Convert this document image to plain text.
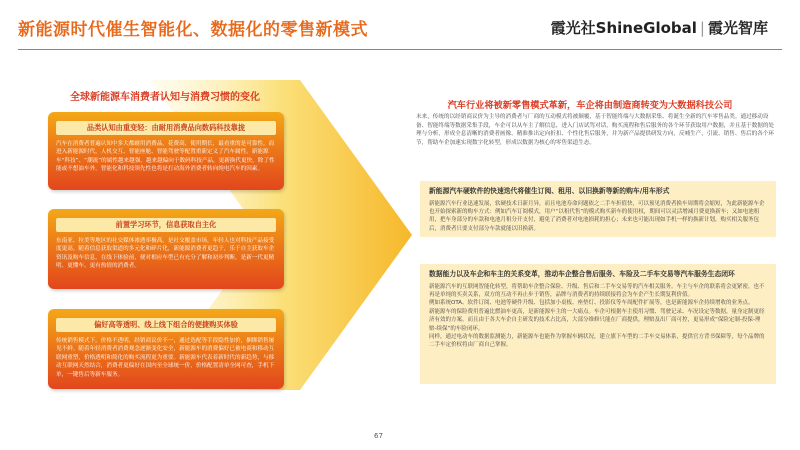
新能源时代催生智能化、数据化的零售新模式	霞光社ShineGlobal | 霞光智库
全球新能源车消费者认知与消费习惯的变化
品类认知由重变轻：由耐用消费品向数码科技靠拢
汽车在消费者普遍认知中多大都耐用消费品，花费高，使用期长，最看重的是可靠性。而进入新能源时代，人机交互、智能座舱、智能驾驶等配置重新定义了汽车属性。新能源车“科技”、“潮流”的属性越来越强，越来越偏向于数码科技产品，更新换代更快，除了性能或不想油车外，智能化和科技领先性也将是打动海外消费者转向纯电汽车的因素。
前置学习环节，信息获取自主化
东南亚、拉美等地区的社交媒体渗透率极高，是社交覆盖市场，年轻人也对科技产品接受度更高。随着信息获取渠道的多元化和碎片化，新能源消费者更趋于，乐于自主获取车企资讯及购车信息，在线下体验前，便对相应车型已有充分了解和初步判断，是新一代更精明、更懂车、更有热情的消费者。
偏好高等透明、线上线下组合的便捷购买体验
传统销售模式下，价格不透明，经销商议价不一，通过选配等手段隐性加价，捆绑销售屡见不鲜。随着年轻消费者消费观念逐渐变化安全，新能源车的消费偏好已被电商和移动互联网重塑，价格透明和简化的购买流程更为重要。新能源车代表着新时代的新趋势，与移动互联网天然结合，消费者更偏好在国内至全球统一价，价格配置清单全网可查，手机下单，一键售后等新车服务。
汽车行业将被新零售模式革新，车企将由制造商转变为大数据科技公司
未来，传统的以经销商议价为主导的消费者与厂商的互动模式将被颠覆，基于智能终端与大数据采集、将诞生全新的汽车零售品类。通过移动设备、智能终端等数据采集手段，车企可以从车主了解信息，进入门店试驾对话，购买流程和售后服务的各个环节获取用户数据，并且基于数据的处理与分析，形成全息清晰的消费者画像，精准推出定向折扣、个性化售后服务，并为新产品提供研发方向，反哺生产，引流、销售、售后的各个环节，帮助车企加速实现数字化转型，形成以数据为核心的零售渠道生态。
新能源汽车硬软件的快速迭代将催生订阅、租用、以旧换新等新的购车/用车形式
新能源汽车行业迅速发展，软硬技术日新月异，而且电池寿命问题依之二手车折值快，可以预见消费者换车周期将会缩短，为此新能源车企也开始探索新的购车方式：例如汽车订阅模式，用户“以租代售”的模式购买新车的使用权，期间可以灵活增减月费更换新车；又如电池租用，把车身部分的车款和电池月租分开支付，避免了消费者对电池损耗的担心；未来也可能出现如手机一样的换新计划，购买相关服务包后，消费者只要支付部分车款就能以旧换新。
数据能力以及车企和车主的关系变革，推动车企整合售后服务、车险及二手车交易等汽车服务生态闭环
新能源汽车的互联网智能化转型，将帮助车企整合保险、升级、售后和二手车交易等的汽车相关服务。车主与车企的联系将会更紧密，也不再是单纯的买卖关系，双方的互动不再止步于销售，品牌与消费者的持续联接将会为车企产生长期复利价值。
例如系统OTA、软件订阅、电池等硬件升级、包括加小桌板、座垫灯、投影仪等车周配件扩展等，也是新能源车企持续增收的业务点。
新能源车的保险费用普遍比燃油车更高，是新能源车主的一大痛点。车企可根据车主使用习惯、驾驶记录、车况设定等数据，量身定制更经济有效的方案。而且由于各大车企自主研发的技术占比高，大部分维修只能在厂商提供，理赔及出厂商可控，更易形成“保险定制-投保-理赔-续保”的车险闭环。
同样，通过电动车的数据监测能力，新能源车也能作为掌握车辆状况，建立旗下车型的二手车交易体系，提供官方背书保障等，每个品牌的二手车定价权将由厂商自己掌握。
67
